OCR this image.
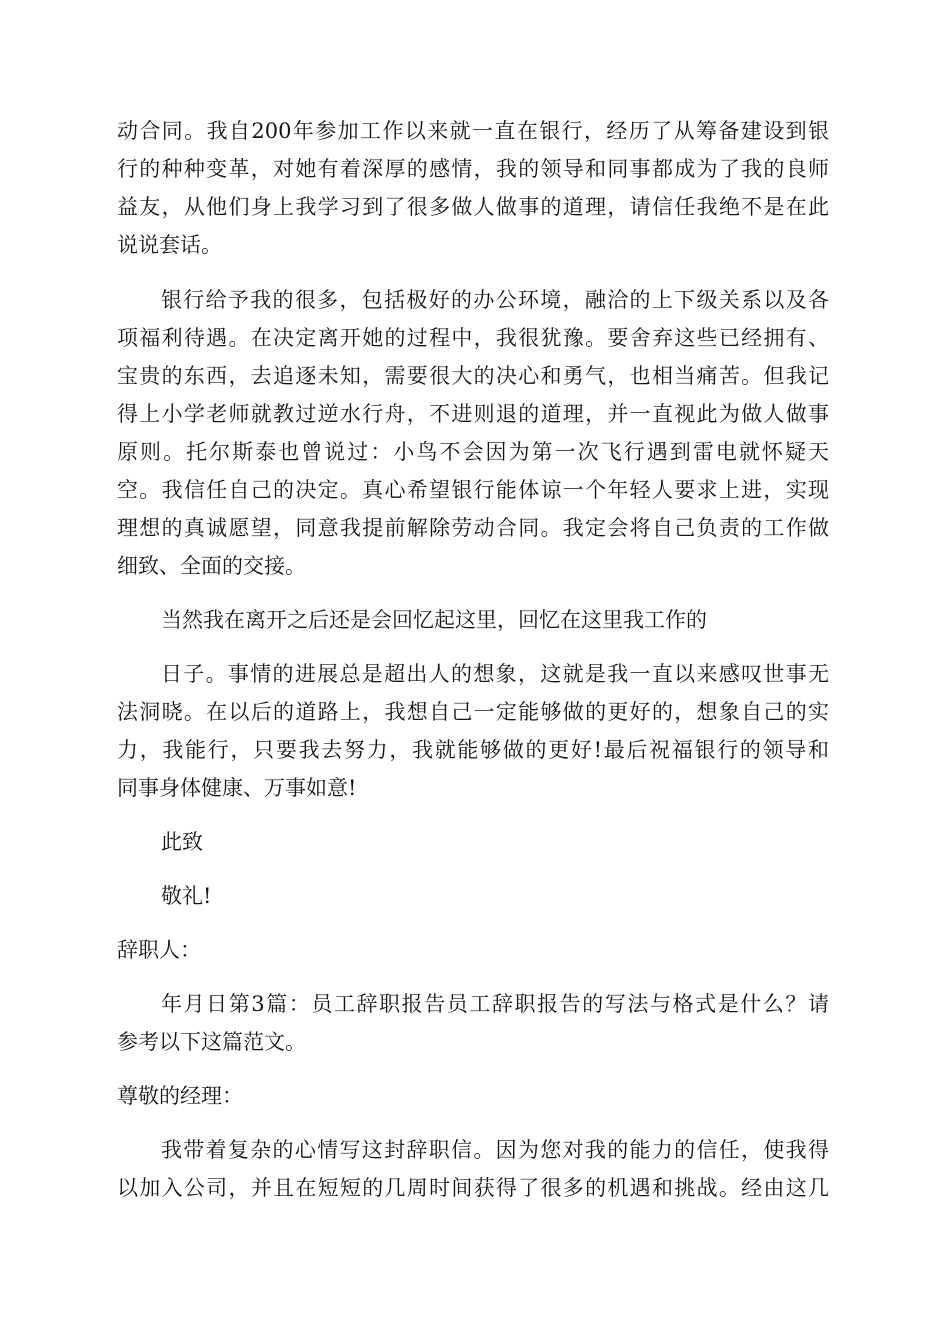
动合同。我自200年参加工作以来就一直在银行，经历了从筹备建设到银

行的种种变革，对她有着深厚的感情，我的领导和同事都成为了我的良师

益友，从他们身上我学习到了很多做人做事的道理，请信任我绝不是在此

说说套话。

银行给予我的很多，包括极好的办公环境，融洽的上下级关系以及各

项福利待遇。在决定离开她的过程中，我很犹豫。要舍弃这些已经拥有、

宝贵的东西，去追逐未知，需要很大的决心和勇气，也相当痛苦。但我记

得上小学老师就教过逆水行舟，不进则退的道理，并一直视此为做人做事

原则。托尔斯泰也曾说过：小鸟不会因为第一次飞行遇到雷电就怀疑天

空。我信任自己的决定。真心希望银行能体谅一个年轻人要求上进，实现

理想的真诚愿望，同意我提前解除劳动合同。我定会将自己负责的工作做

细致、全面的交接。

当然我在离开之后还是会回忆起这里，回忆在这里我工作的

日子。事情的进展总是超出人的想象，这就是我一直以来感叹世事无

法洞晓。在以后的道路上，我想自己一定能够做的更好的，想象自己的实

力，我能行，只要我去努力，我就能够做的更好!最后祝福银行的领导和

同事身体健康、万事如意!

此致

敬礼!

辞职人：

年月日第3篇：员工辞职报告员工辞职报告的写法与格式是什么？请

参考以下这篇范文。

尊敬的经理：

我带着复杂的心情写这封辞职信。因为您对我的能力的信任，使我得

以加入公司，并且在短短的几周时间获得了很多的机遇和挑战。经由这几
